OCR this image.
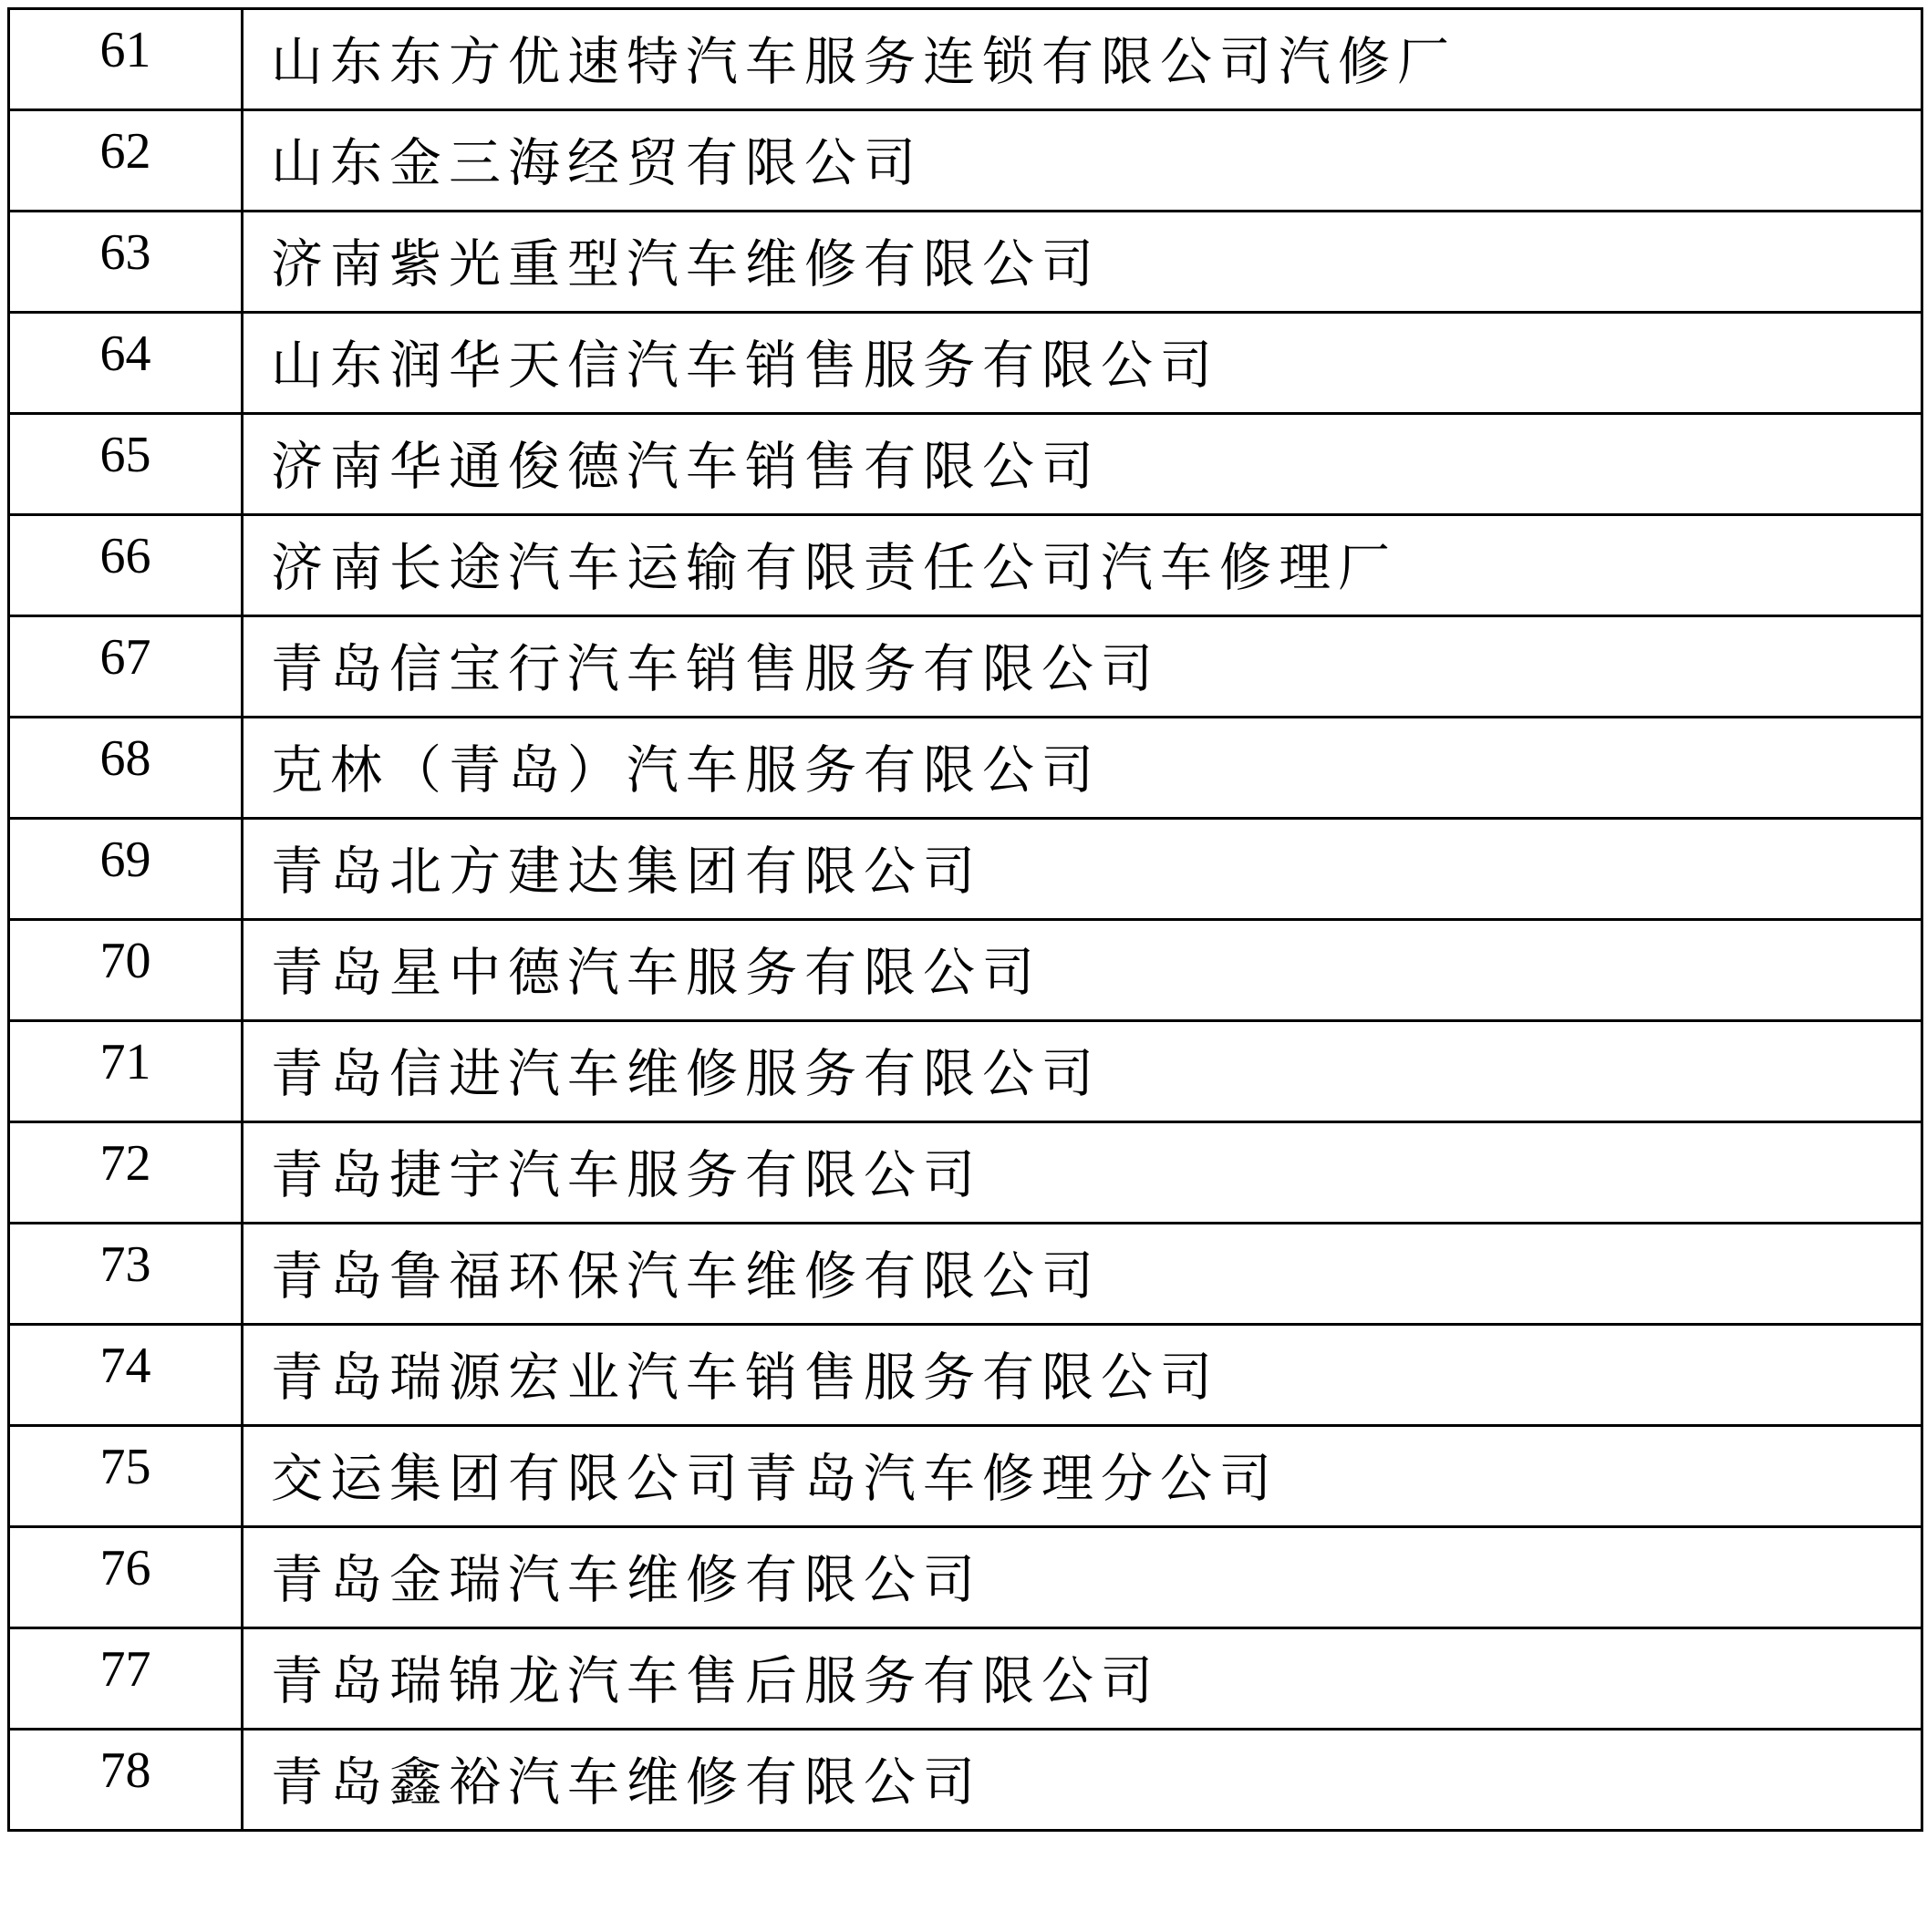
61	山东东方优速特汽车服务连锁有限公司汽修厂
62	山东金三海经贸有限公司
63	济南紫光重型汽车维修有限公司
64	山东润华天信汽车销售服务有限公司
65	济南华通俊德汽车销售有限公司
66	济南长途汽车运输有限责任公司汽车修理厂
67	青岛信宝行汽车销售服务有限公司
68	克林（青岛）汽车服务有限公司
69	青岛北方建达集团有限公司
70	青岛星中德汽车服务有限公司
71	青岛信进汽车维修服务有限公司
72	青岛捷宇汽车服务有限公司
73	青岛鲁福环保汽车维修有限公司
74	青岛瑞源宏业汽车销售服务有限公司
75	交运集团有限公司青岛汽车修理分公司
76	青岛金瑞汽车维修有限公司
77	青岛瑞锦龙汽车售后服务有限公司
78	青岛鑫裕汽车维修有限公司
